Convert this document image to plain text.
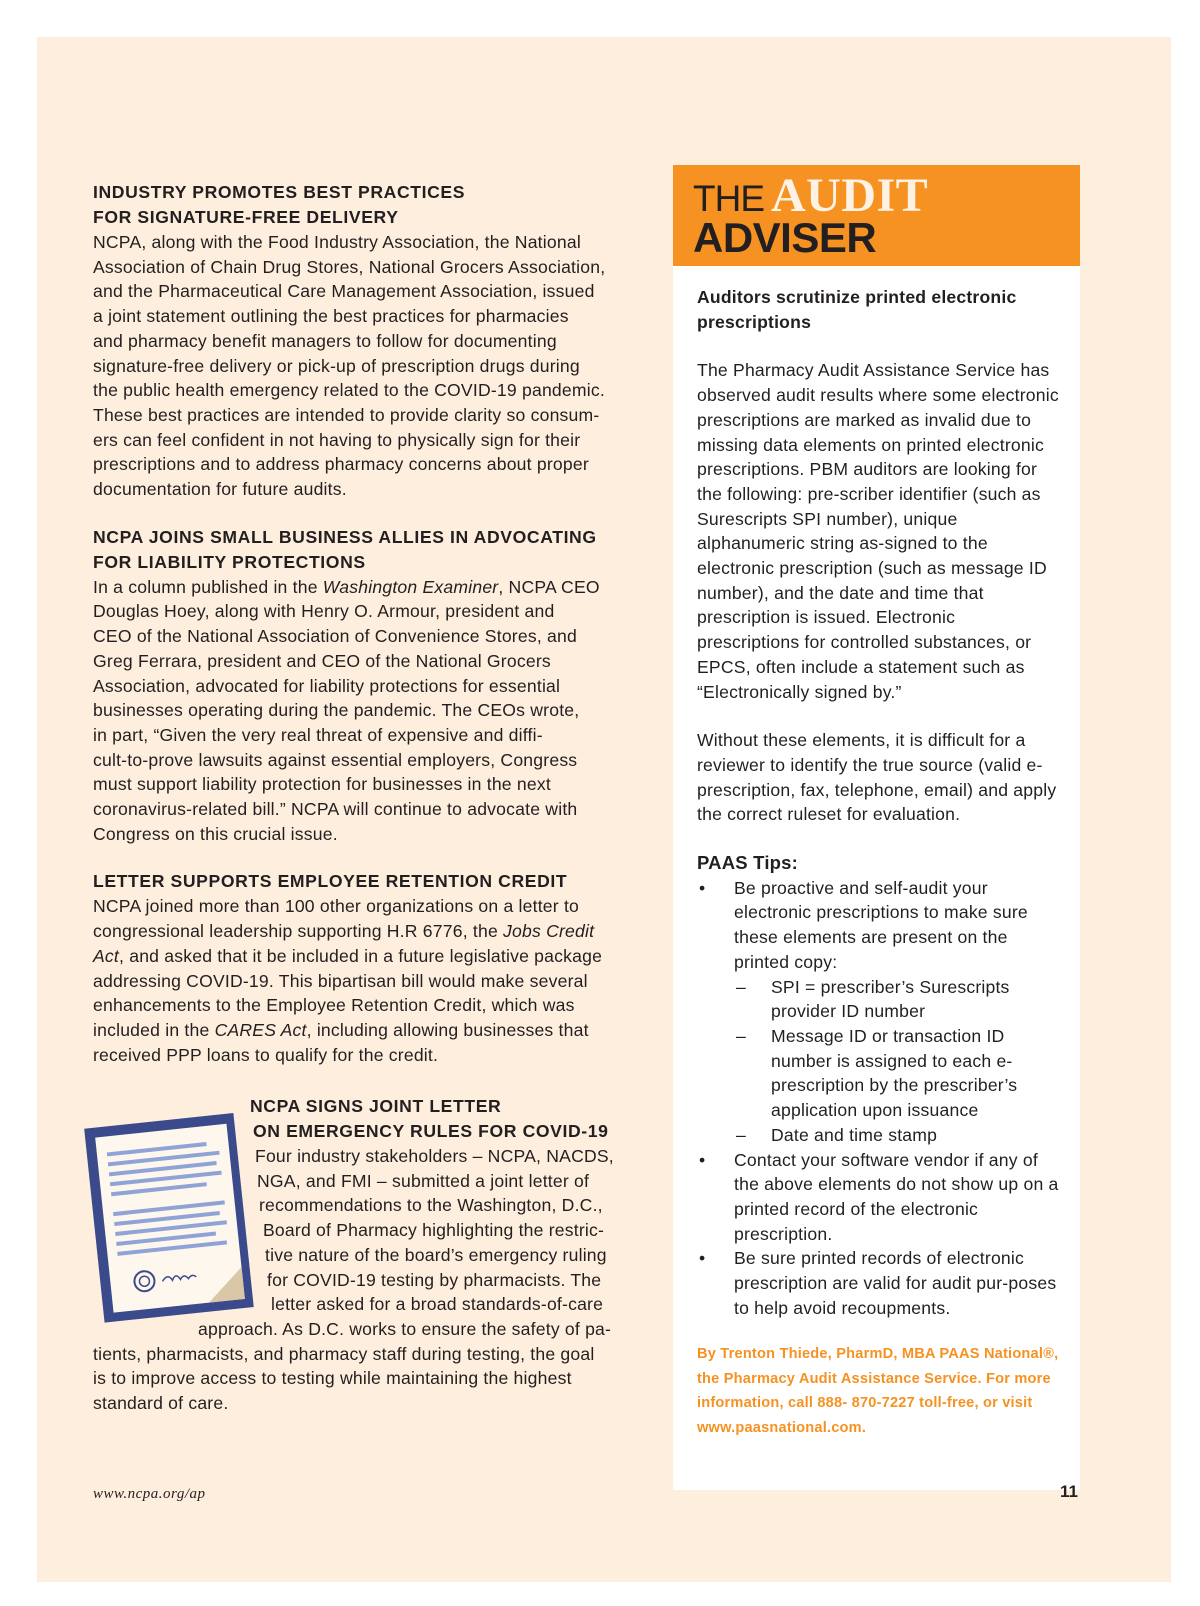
INDUSTRY PROMOTES BEST PRACTICES
FOR SIGNATURE-FREE DELIVERY

NCPA, along with the Food Industry Association, the National
Association of Chain Drug Stores, National Grocers Association,
and the Pharmaceutical Care Management Association, issued
a joint statement outlining the best practices for pharmacies
and pharmacy benefit managers to follow for documenting
signature-free delivery or pick-up of prescription drugs during
the public health emergency related to the COVID-19 pandemic.
These best practices are intended to provide clarity so consum-
ers can feel confident in not having to physically sign for their
prescriptions and to address pharmacy concerns about proper
documentation for future audits.

NCPA JOINS SMALL BUSINESS ALLIES IN ADVOCATING
FOR LIABILITY PROTECTIONS

In a column published in the Washington Examiner, NCPA CEO
Douglas Hoey, along with Henry O. Armour, president and
CEO of the National Association of Convenience Stores, and
Greg Ferrara, president and CEO of the National Grocers
Association, advocated for liability protections for essential
businesses operating during the pandemic. The CEOs wrote,
in part, “Given the very real threat of expensive and diffi-
cult-to-prove lawsuits against essential employers, Congress
must support liability protection for businesses in the next
coronavirus-related bill.” NCPA will continue to advocate with
Congress on this crucial issue.

LETTER SUPPORTS EMPLOYEE RETENTION CREDIT

NCPA joined more than 100 other organizations on a letter to
congressional leadership supporting H.R 6776, the Jobs Credit
Act, and asked that it be included in a future legislative package
addressing COVID-19. This bipartisan bill would make several
enhancements to the Employee Retention Credit, which was
included in the CARES Act, including allowing businesses that
received PPP loans to qualify for the credit.

NCPA SIGNS JOINT LETTER
ON EMERGENCY RULES FOR COVID-19
Four industry stakeholders – NCPA, NACDS,
NGA, and FMI – submitted a joint letter of
recommendations to the Washington, D.C.,
Board of Pharmacy highlighting the restric-
tive nature of the board’s emergency ruling
for COVID-19 testing by pharmacists. The
letter asked for a broad standards-of-care
approach. As D.C. works to ensure the safety of pa-
tients, pharmacists, and pharmacy staff during testing, the goal
is to improve access to testing while maintaining the highest
standard of care.
THE AUDIT
ADVISER
Auditors scrutinize printed electronic prescriptions

The Pharmacy Audit Assistance Service has observed audit results where some electronic prescriptions are marked as invalid due to missing data elements on printed electronic prescriptions. PBM auditors are looking for the following: pre-scriber identifier (such as Surescripts SPI number), unique alphanumeric string as-signed to the electronic prescription (such as message ID number), and the date and time that prescription is issued. Electronic prescriptions for controlled substances, or EPCS, often include a statement such as “Electronically signed by.”

Without these elements, it is difficult for a reviewer to identify the true source (valid e-prescription, fax, telephone, email) and apply the correct ruleset for evaluation.

PAAS Tips:
• Be proactive and self-audit your electronic prescriptions to make sure these elements are present on the printed copy:
– SPI = prescriber’s Surescripts provider ID number
– Message ID or transaction ID number is assigned to each e-prescription by the prescriber’s application upon issuance
– Date and time stamp
• Contact your software vendor if any of the above elements do not show up on a printed record of the electronic prescription.
• Be sure printed records of electronic prescription are valid for audit pur-poses to help avoid recoupments.
By Trenton Thiede, PharmD, MBA PAAS National®, the Pharmacy Audit Assistance Service. For more information, call 888- 870-7227 toll-free, or visit www.paasnational.com.
www.ncpa.org/ap	11
